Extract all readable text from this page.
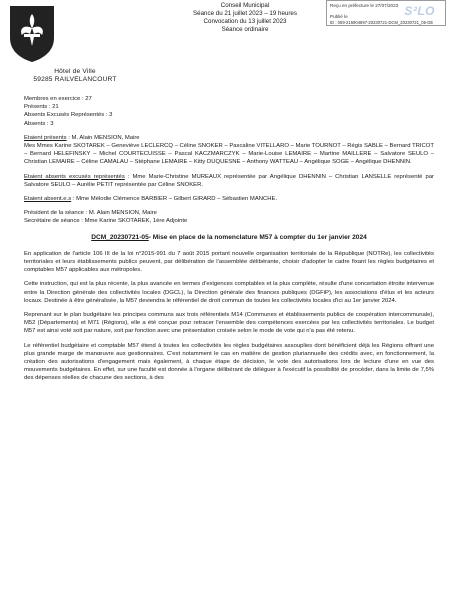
Hôtel de Ville
59285 RAILVELANCOURT
Conseil Municipal
Séance du 21 juillet 2023 – 19 heures
Convocation du 13 juillet 2023
Séance ordinaire
Reçu en préfecture le 27/07/2023 S²LO
Publié le
ID : 059-215904897-20230721-DCM_20230721_05-DE

Membres en exercice : 27

Présents : 21

Absents Excusés Représentés : 3

Absents : 3

Etaient présents : M. Alain MENSION, Maire
Mes Mmes Karine SKOTAREK – Geneviève LECLERCQ – Céline SNOKER – Pascaline VITELLARO – Marie TOURNOT – Régis SABLE – Bernard TRICOT – Bernard HELEFINSKY – Michel COURTECUISSE – Pascal KACZMARCZYK – Marie-Louise LEMAIRE – Martine MAILLERE – Salvatore SEULO – Christian LEMAIRE – Céline CAMALAU – Stéphane LEMAIRE – Kitty DUQUESNE – Anthony WATTEAU – Angélique SOGE – Angélique DHENNIN.

Etaient absents excusés représentés : Mme Marie-Christine MUREAUX représentée par Angélique DHENNIN – Christian LANSELLE représenté par Salvatore SEULO – Aurélie PETIT représentée par Céline SNOKER.

Etaient absent.e.s : Mme Mélodie Clémence BARBIER – Gilbert GIRARD – Sébastien MANCHE.

Président de la séance : M. Alain MENSION, Maire

Secrétaire de séance : Mme Karine SKOTAREK, 1ère Adjointe

DCM_20230721-05- Mise en place de la nomenclature M57 à compter du 1er janvier 2024

En application de l'article 106 III de la loi n°2015-991 du 7 août 2015 portant nouvelle organisation territoriale de la République (NOTRe), les collectivités territoriales et leurs établissements publics peuvent, par délibération de l'assemblée délibérante, choisir d'adopter le cadre fixant les règles budgétaires et comptables M57 applicables aux métropoles.

Cette instruction, qui est la plus récente, la plus avancée en termes d'exigences comptables et la plus complète, résulte d'une concertation étroite intervenue entre la Direction générale des collectivités locales (DGCL), la Direction générale des finances publiques (DGFiP), les associations d'élus et les acteurs locaux. Destinée à être généralisée, la M57 deviendra le référentiel de droit commun de toutes les collectivités locales d'ici au 1er janvier 2024.

Reprenant sur le plan budgétaire les principes communs aux trois référentiels M14 (Communes et établissements publics de coopération intercommunale), M52 (Départements) et M71 (Régions), elle a été conçue pour retracer l'ensemble des compétences exercées par les collectivités territoriales. Le budget M57 est ainsi voté soit par nature, soit par fonction avec une présentation croisée selon le mode de vote qui n'a pas été retenu.

Le référentiel budgétaire et comptable M57 étend à toutes les collectivités les règles budgétaires assouplies dont bénéficient déjà les Régions offrant une plus grande marge de manœuvre aux gestionnaires. C'est notamment le cas en matière de gestion pluriannuelle des crédits avec, en fonctionnement, la création des autorisations d'engagement mais également, à chaque étape de décision, le vote des autorisations lors de lecture d'une en vue des mouvements budgétaires. En effet, sur une faculté est donnée à l'organe délibérant de déléguer à l'exécutif la possibilité de procéder, dans la limite de 7,5% des dépenses réelles de chacune des sections, à des
